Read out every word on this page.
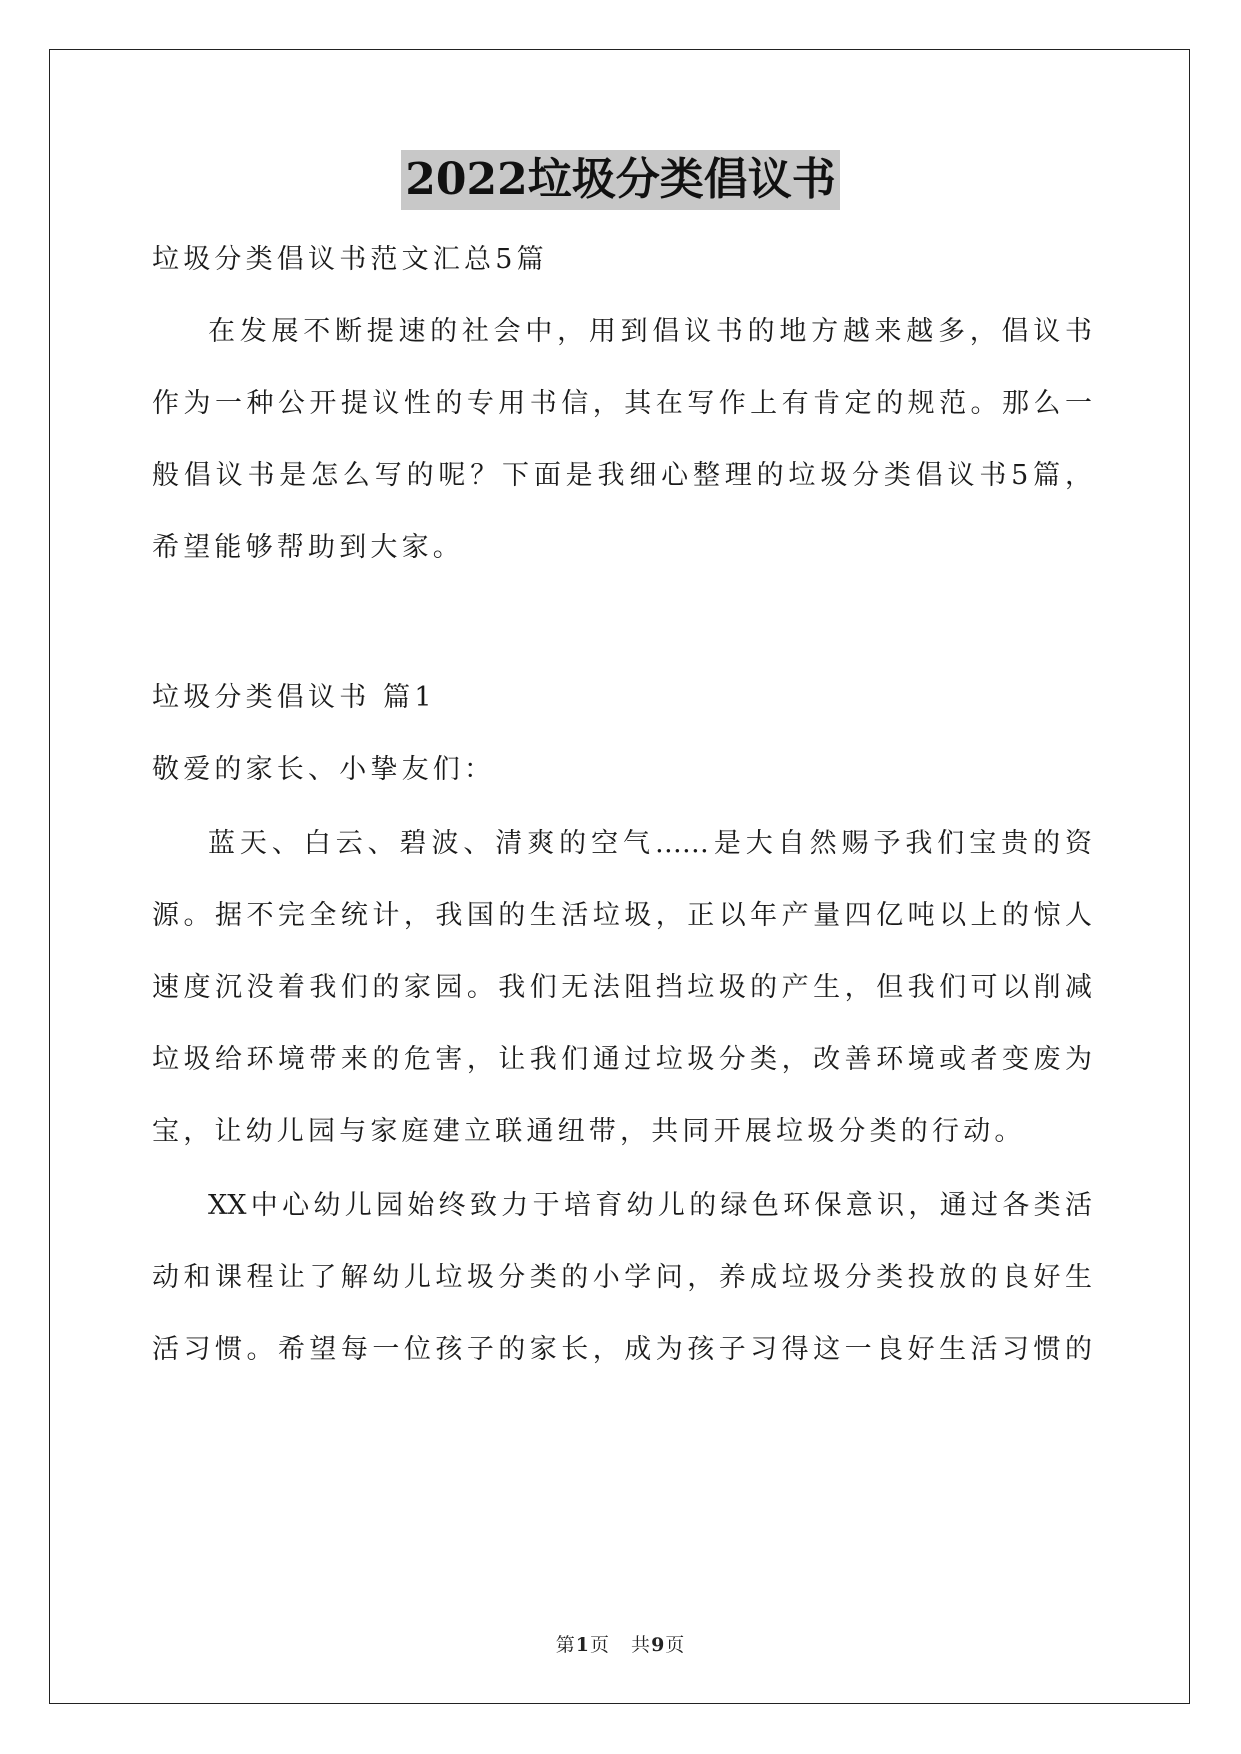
2022垃圾分类倡议书
垃圾分类倡议书范文汇总5篇
在发展不断提速的社会中，用到倡议书的地方越来越多，倡议书
作为一种公开提议性的专用书信，其在写作上有肯定的规范。那么一
般倡议书是怎么写的呢？下面是我细心整理的垃圾分类倡议书5篇，
希望能够帮助到大家。
垃圾分类倡议书 篇1
敬爱的家长、小挚友们：
蓝天、白云、碧波、清爽的空气……是大自然赐予我们宝贵的资
源。据不完全统计，我国的生活垃圾，正以年产量四亿吨以上的惊人
速度沉没着我们的家园。我们无法阻挡垃圾的产生，但我们可以削减
垃圾给环境带来的危害，让我们通过垃圾分类，改善环境或者变废为
宝，让幼儿园与家庭建立联通纽带，共同开展垃圾分类的行动。
XX中心幼儿园始终致力于培育幼儿的绿色环保意识，通过各类活
动和课程让了解幼儿垃圾分类的小学问，养成垃圾分类投放的良好生
活习惯。希望每一位孩子的家长，成为孩子习得这一良好生活习惯的
第1页   共9页
